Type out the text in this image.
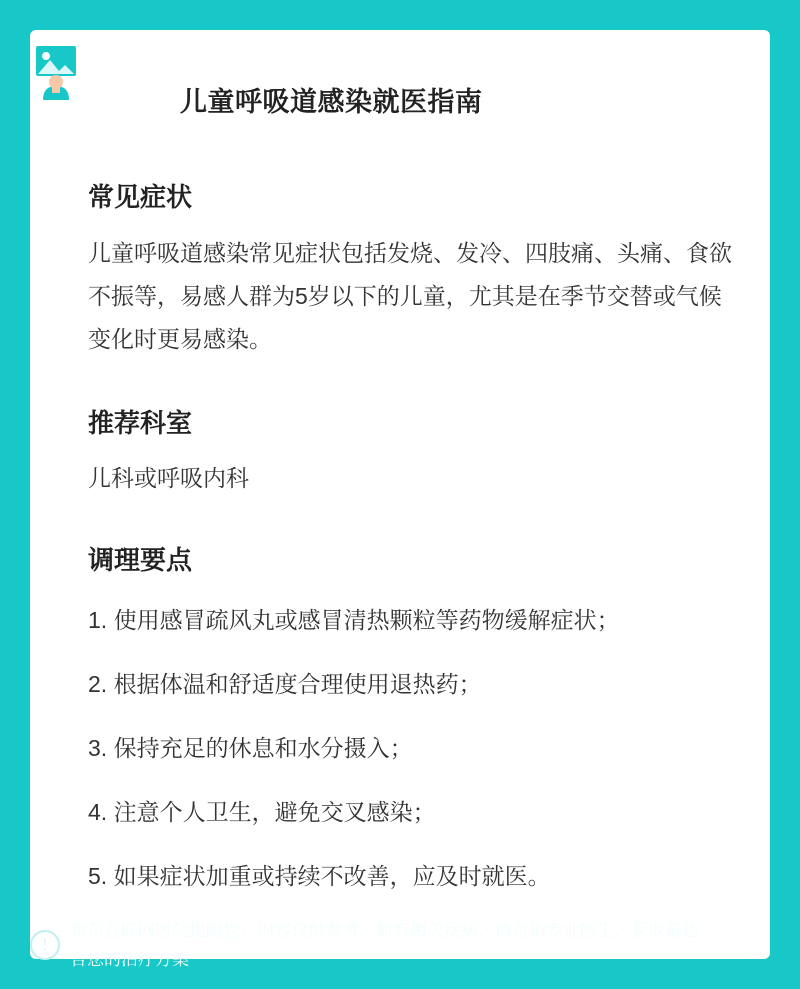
儿童呼吸道感染就医指南
常见症状

儿童呼吸道感染常见症状包括发烧、发冷、四肢痛、头痛、食欲不振等，易感人群为5岁以下的儿童，尤其是在季节交替或气候变化时更易感染。

推荐科室

儿科或呼吸内科

调理要点
1. 使用感冒疏风丸或感冒清热颗粒等药物缓解症状；
2. 根据体温和舒适度合理使用退热药；
3. 保持充足的休息和水分摄入；
4. 注意个人卫生，避免交叉感染；
5. 如果症状加重或持续不改善，应及时就医。
!
京东互联网医院提醒您：内容仅供参考，如有相关疾病，请咨询专业医生，获取最适合您的治疗方案
